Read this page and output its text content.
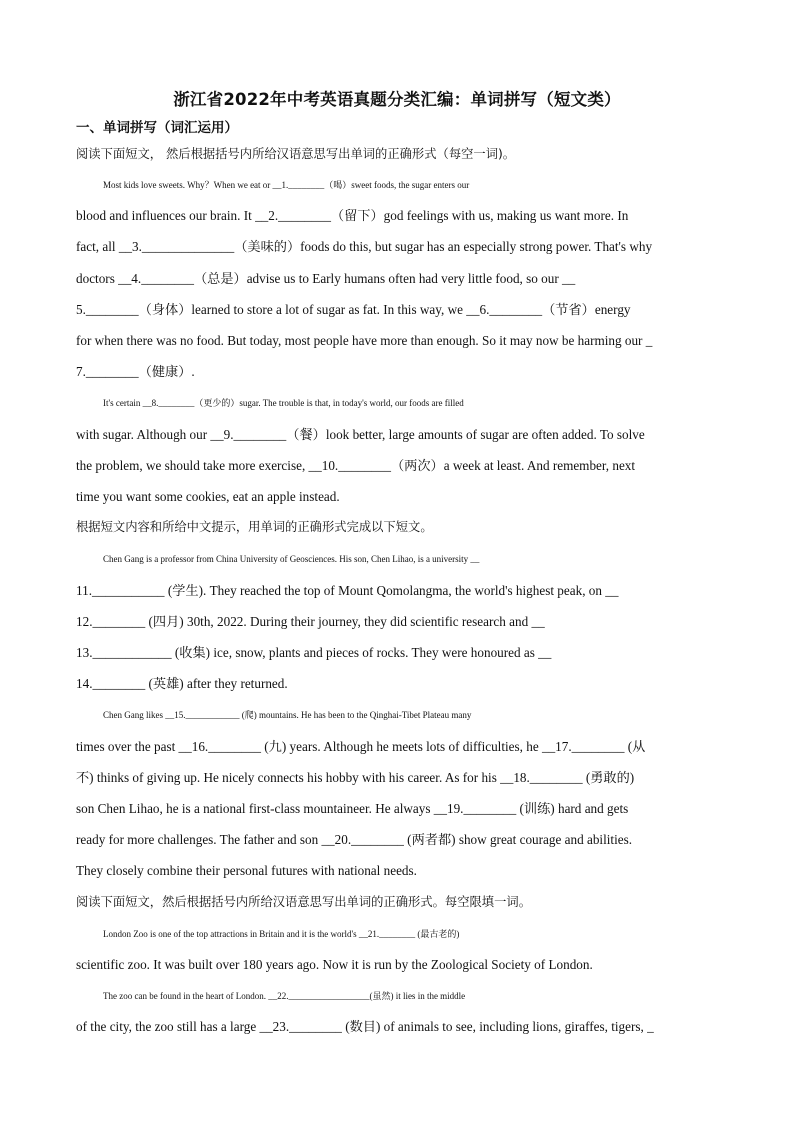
浙江省2022年中考英语真题分类汇编：单词拼写（短文类）
一、单词拼写（词汇运用）
阅读下面短文， 然后根据括号内所给汉语意思写出单词的正确形式（每空一词)。
Most kids love sweets. Why？When we eat or __1.________（喝）sweet foods, the sugar enters our
blood and influences our brain. It __2.________（留下）god feelings with us, making us want more. In
fact, all __3.______________（美味的）foods do this, but sugar has an especially strong power. That's why
doctors __4.________（总是）advise us to Early humans often had very little food, so our __
5.________（身体）learned to store a lot of sugar as fat. In this way, we __6.________（节省）energy
for when there was no food. But today, most people have more than enough. So it may now be harming our _
7.________（健康）.
It's certain __8.________（更少的）sugar. The trouble is that, in today's world, our foods are filled
with sugar. Although our __9.________（餐）look better, large amounts of sugar are often added. To solve
the problem, we should take more exercise, __10.________（两次）a week at least. And remember, next
time you want some cookies, eat an apple instead.
根据短文内容和所给中文提示，用单词的正确形式完成以下短文。
Chen Gang is a professor from China University of Geosciences. His son, Chen Lihao, is a university __
11.___________ (学生). They reached the top of Mount Qomolangma, the world's highest peak, on __
12.________ (四月) 30th, 2022. During their journey, they did scientific research and __
13.____________ (收集) ice, snow, plants and pieces of rocks. They were honoured as __
14.________ (英雄) after they returned.
Chen Gang likes __15.____________ (爬) mountains. He has been to the Qinghai-Tibet Plateau many
times over the past __16.________ (九) years. Although he meets lots of difficulties, he __17.________ (从
不) thinks of giving up. He nicely connects his hobby with his career. As for his __18.________ (勇敢的)
son Chen Lihao, he is a national first-class mountaineer. He always __19.________ (训练) hard and gets
ready for more challenges. The father and son __20.________ (两者都) show great courage and abilities.
They closely combine their personal futures with national needs.
阅读下面短文，然后根据括号内所给汉语意思写出单词的正确形式。每空限填一词。
London Zoo is one of the top attractions in Britain and it is the world's __21.________ (最古老的)
scientific zoo. It was built over 180 years ago. Now it is run by the Zoological Society of London.
The zoo can be found in the heart of London. __22.__________________(虽然) it lies in the middle
of the city, the zoo still has a large __23.________ (数目) of animals to see, including lions, giraffes, tigers, _
